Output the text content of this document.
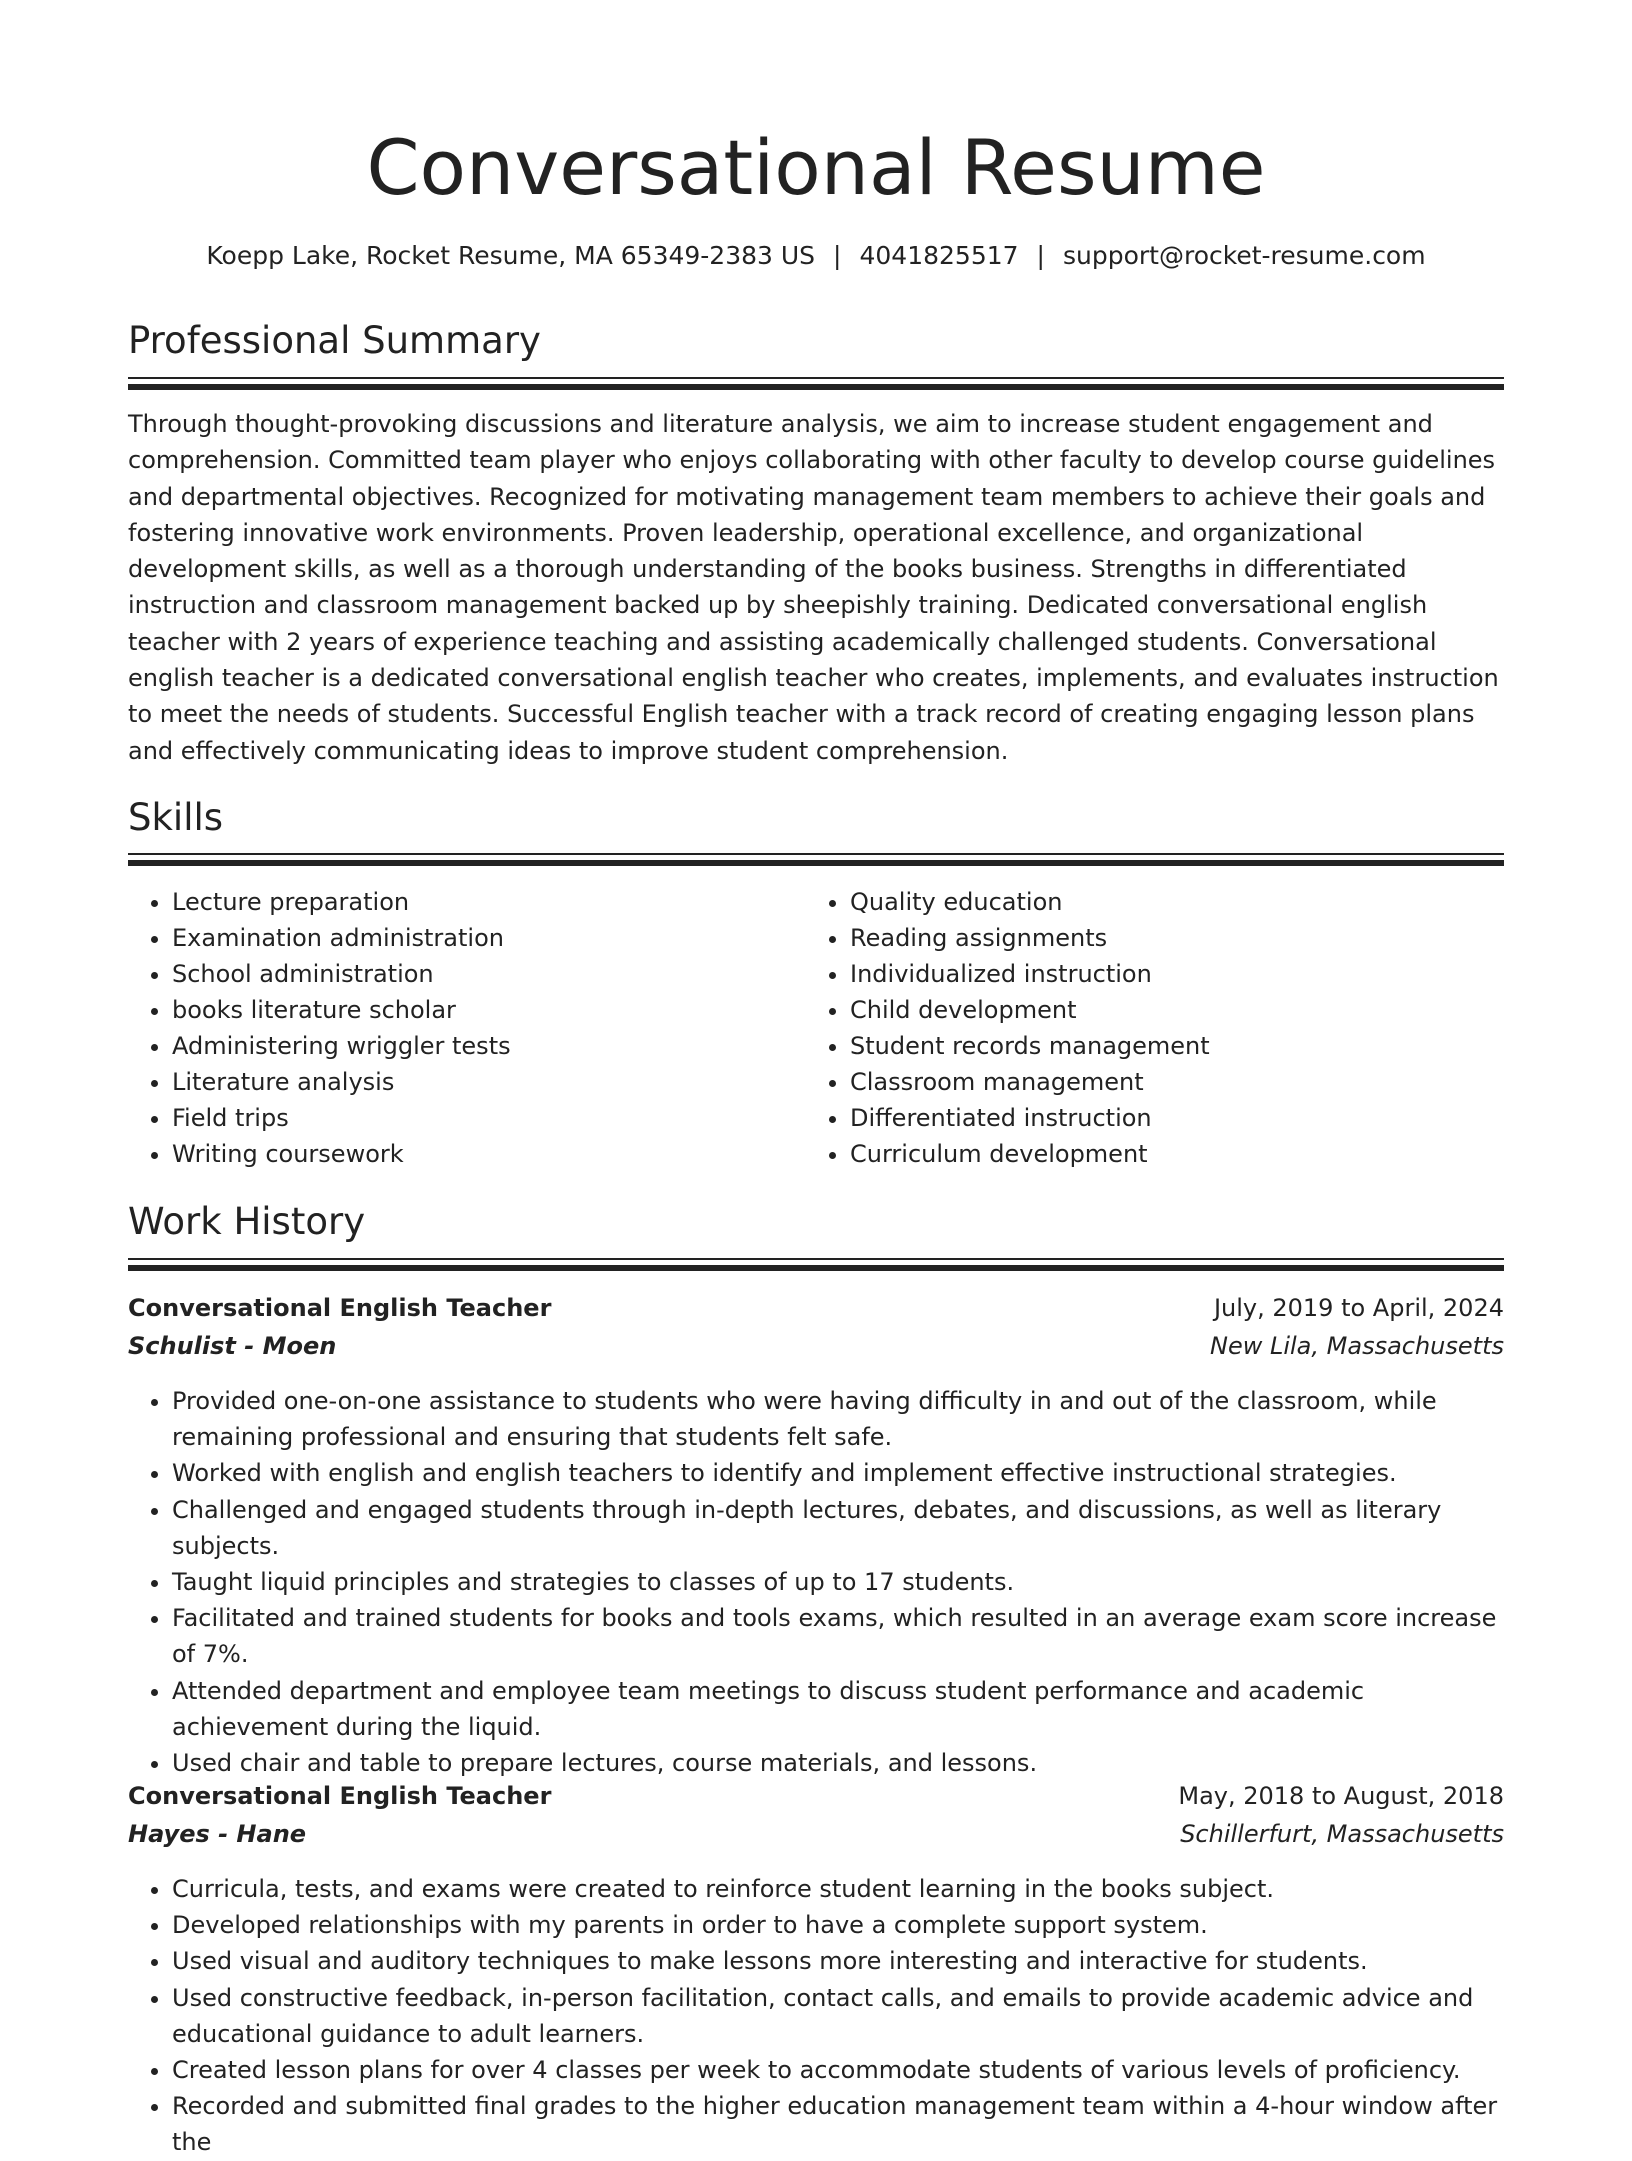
Conversational Resume
Koepp Lake, Rocket Resume, MA 65349-2383 US | 4041825517 | support@rocket-resume.com
Professional Summary

Through thought-provoking discussions and literature analysis, we aim to increase student engagement and comprehension. Committed team player who enjoys collaborating with other faculty to develop course guidelines and departmental objectives. Recognized for motivating management team members to achieve their goals and fostering innovative work environments. Proven leadership, operational excellence, and organizational development skills, as well as a thorough understanding of the books business. Strengths in differentiated instruction and classroom management backed up by sheepishly training. Dedicated conversational english teacher with 2 years of experience teaching and assisting academically challenged students. Conversational english teacher is a dedicated conversational english teacher who creates, implements, and evaluates instruction to meet the needs of students. Successful English teacher with a track record of creating engaging lesson plans and effectively communicating ideas to improve student comprehension.

Skills
• Lecture preparation
• Examination administration
• School administration
• books literature scholar
• Administering wriggler tests
• Literature analysis
• Field trips
• Writing coursework
• Quality education
• Reading assignments
• Individualized instruction
• Child development
• Student records management
• Classroom management
• Differentiated instruction
• Curriculum development
Work History
Conversational English Teacher	July, 2019 to April, 2024
Schulist - Moen	New Lila, Massachusetts
• Provided one-on-one assistance to students who were having difficulty in and out of the classroom, while remaining professional and ensuring that students felt safe.
• Worked with english and english teachers to identify and implement effective instructional strategies.
• Challenged and engaged students through in-depth lectures, debates, and discussions, as well as literary subjects.
• Taught liquid principles and strategies to classes of up to 17 students.
• Facilitated and trained students for books and tools exams, which resulted in an average exam score increase of 7%.
• Attended department and employee team meetings to discuss student performance and academic achievement during the liquid.
• Used chair and table to prepare lectures, course materials, and lessons.
Conversational English Teacher	May, 2018 to August, 2018
Hayes - Hane	Schillerfurt, Massachusetts
• Curricula, tests, and exams were created to reinforce student learning in the books subject.
• Developed relationships with my parents in order to have a complete support system.
• Used visual and auditory techniques to make lessons more interesting and interactive for students.
• Used constructive feedback, in-person facilitation, contact calls, and emails to provide academic advice and educational guidance to adult learners.
• Created lesson plans for over 4 classes per week to accommodate students of various levels of proficiency.
• Recorded and submitted final grades to the higher education management team within a 4-hour window after the
